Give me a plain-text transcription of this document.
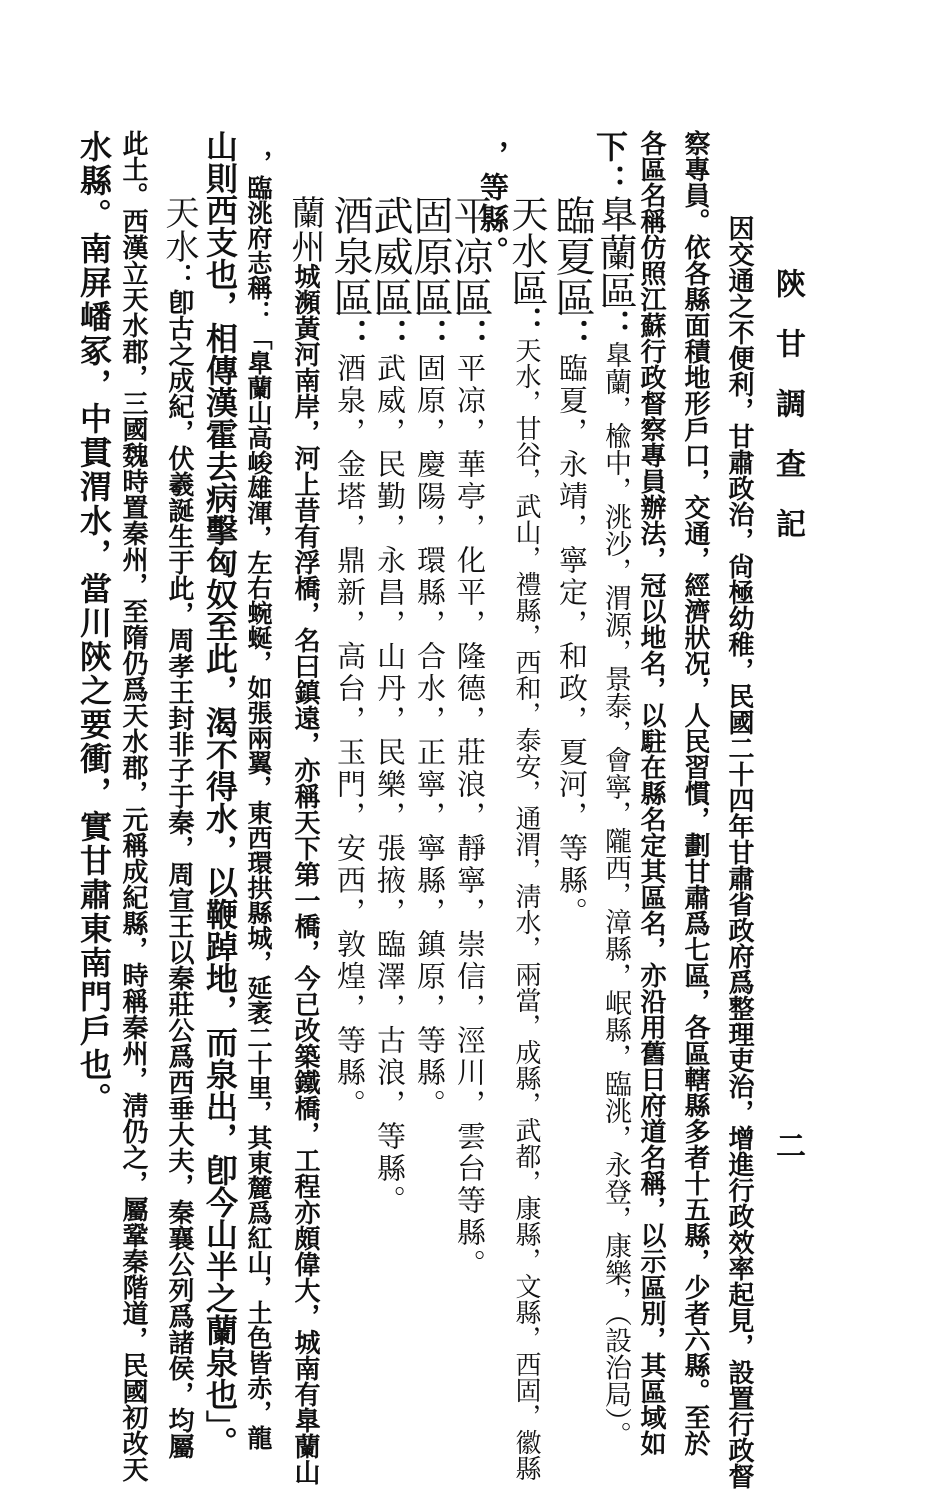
陝甘調查記
二
因交通之不便利，甘肅政治，尙極幼稚，民國二十四年甘肅省政府爲整理吏治，增進行政效率起見，設置行政督
察專員。依各縣面積地形戶口，交通，經濟狀况，人民習慣，劃甘肅爲七區，各區轄縣多者十五縣，少者六縣。至於
各區名稱仿照江蘇行政督察專員辦法，冠以地名，以駐在縣名定其區名，亦沿用舊日府道名稱，以示區別，其區域如
下：
臯蘭區：臯蘭，楡中，洮沙，渭源，景泰，會寧，隴西，漳縣，岷縣，臨洮，永登，康樂，（設治局）。
臨夏區：臨夏，永靖，寧定，和政，夏河，等縣。
天水區：天水，甘谷，武山，禮縣，西和，泰安，通渭，淸水，兩當，成縣，武都，康縣，文縣，西固，徽縣
，等縣。
平凉區：平凉，華亭，化平，隆德，莊浪，靜寧，崇信，涇川，雲台等縣。
固原區：固原，慶陽，環縣，合水，正寧，寧縣，鎮原，等縣。
武威區：武威，民勤，永昌，山丹，民樂，張掖，臨澤，古浪，等縣。
酒泉區：酒泉，金塔，鼎新，高台，玉門，安西，敦煌，等縣。
蘭州城瀕黃河南岸，河上昔有浮橋，名曰鎮遠，亦稱天下第一橋，今已改築鐵橋，工程亦頗偉大，城南有臯蘭山
，臨洮府志稱：「臯蘭山高峻雄渾，左右蜿蜒，如張兩翼，東西環拱縣城，延袤二十里，其東麓爲紅山，土色皆赤，龍
山則西支也，相傳漢霍去病擊匈奴至此，渴不得水，以鞭踔地，而泉出，卽今山半之蘭泉也」。
天水：卽古之成紀，伏羲誕生于此，周孝王封非子于秦，周宣王以秦莊公爲西垂大夫，秦襄公列爲諸侯，均屬
此土。西漢立天水郡，三國魏時置秦州，至隋仍爲天水郡，元稱成紀縣，時稱秦州，淸仍之，屬鞏秦階道，民國初改天
水縣。南屏嶓冢，中貫渭水，當川陝之要衝，實甘肅東南門戶也。
